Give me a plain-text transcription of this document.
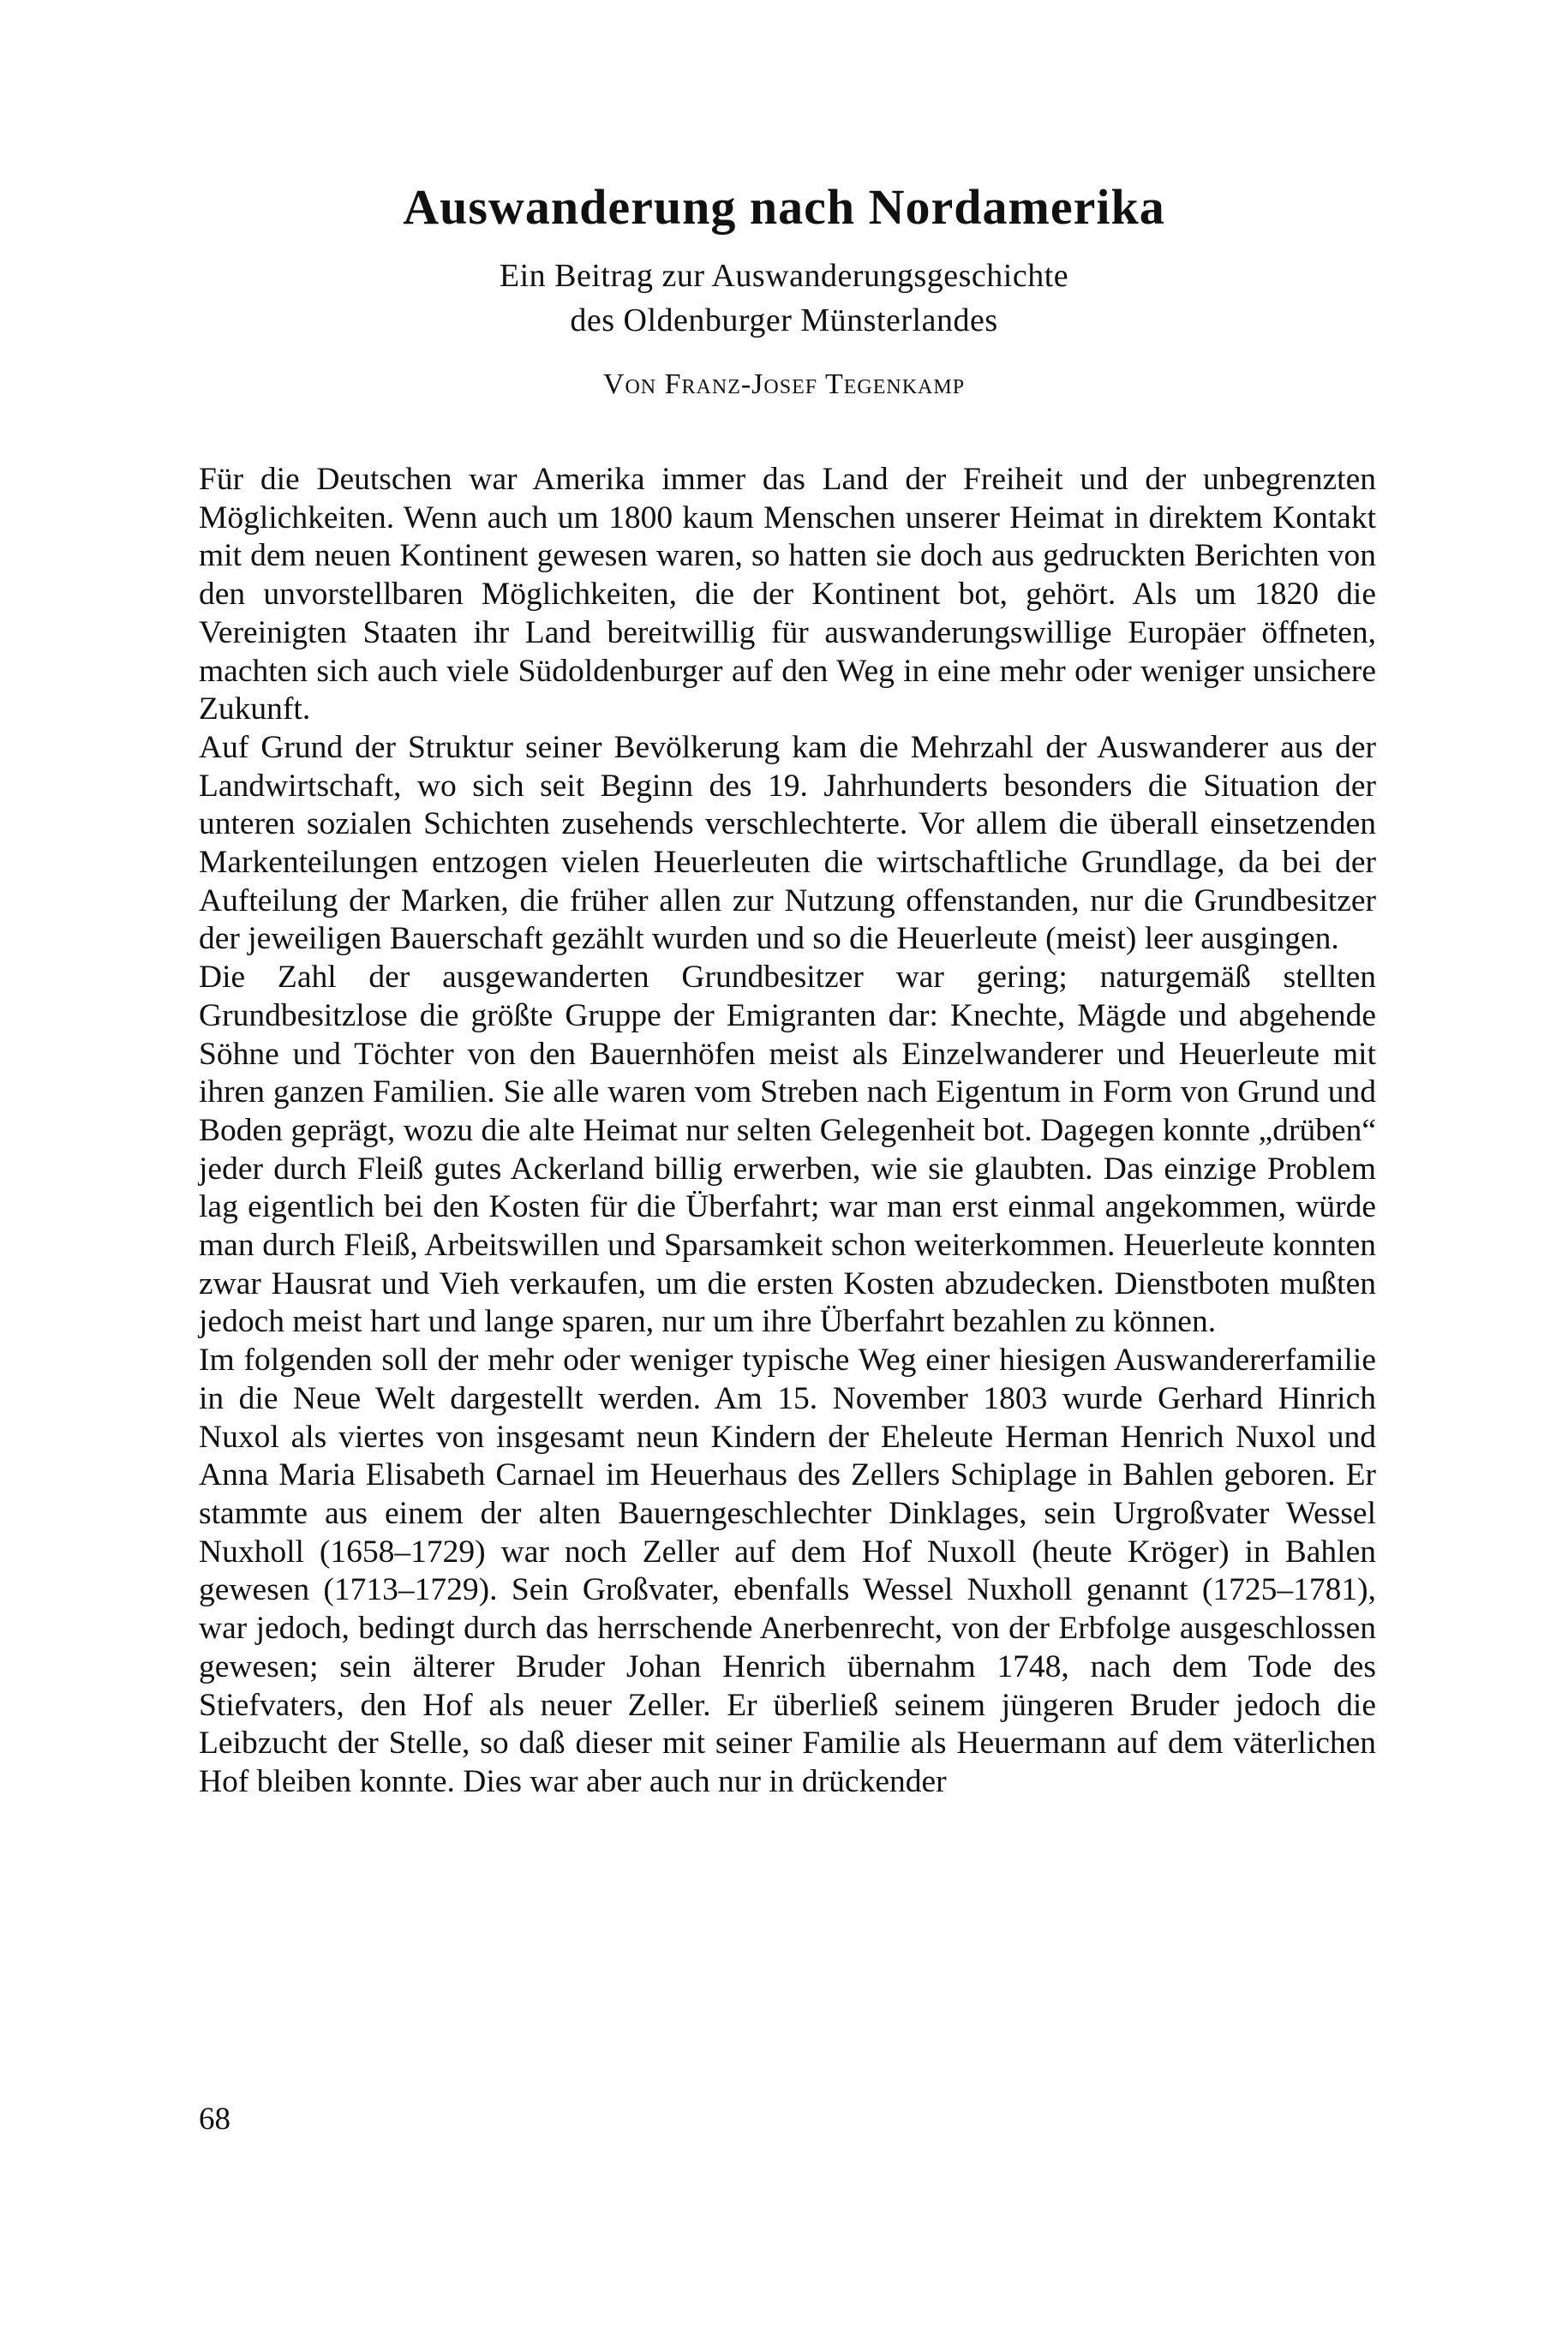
Auswanderung nach Nordamerika
Ein Beitrag zur Auswanderungsgeschichte
des Oldenburger Münsterlandes
Von Franz-Josef Tegenkamp

Für die Deutschen war Amerika immer das Land der Freiheit und der unbegrenzten Möglichkeiten. Wenn auch um 1800 kaum Menschen unserer Heimat in direktem Kontakt mit dem neuen Kontinent gewesen waren, so hatten sie doch aus gedruckten Berichten von den unvorstellbaren Möglichkeiten, die der Kontinent bot, gehört. Als um 1820 die Vereinigten Staaten ihr Land bereitwillig für auswanderungswillige Europäer öffneten, machten sich auch viele Südoldenburger auf den Weg in eine mehr oder weniger unsichere Zukunft.

Auf Grund der Struktur seiner Bevölkerung kam die Mehrzahl der Auswanderer aus der Landwirtschaft, wo sich seit Beginn des 19. Jahrhunderts besonders die Situation der unteren sozialen Schichten zusehends verschlechterte. Vor allem die überall einsetzenden Markenteilungen entzogen vielen Heuerleuten die wirtschaftliche Grundlage, da bei der Aufteilung der Marken, die früher allen zur Nutzung offenstanden, nur die Grundbesitzer der jeweiligen Bauerschaft gezählt wurden und so die Heuerleute (meist) leer ausgingen.

Die Zahl der ausgewanderten Grundbesitzer war gering; naturgemäß stellten Grundbesitzlose die größte Gruppe der Emigranten dar: Knechte, Mägde und abgehende Söhne und Töchter von den Bauernhöfen meist als Einzelwanderer und Heuerleute mit ihren ganzen Familien. Sie alle waren vom Streben nach Eigentum in Form von Grund und Boden geprägt, wozu die alte Heimat nur selten Gelegenheit bot. Dagegen konnte „drüben“ jeder durch Fleiß gutes Ackerland billig erwerben, wie sie glaubten. Das einzige Problem lag eigentlich bei den Kosten für die Überfahrt; war man erst einmal angekommen, würde man durch Fleiß, Arbeitswillen und Sparsamkeit schon weiterkommen. Heuerleute konnten zwar Hausrat und Vieh verkaufen, um die ersten Kosten abzudecken. Dienstboten mußten jedoch meist hart und lange sparen, nur um ihre Überfahrt bezahlen zu können.

Im folgenden soll der mehr oder weniger typische Weg einer hiesigen Auswandererfamilie in die Neue Welt dargestellt werden. Am 15. November 1803 wurde Gerhard Hinrich Nuxol als viertes von insgesamt neun Kindern der Eheleute Herman Henrich Nuxol und Anna Maria Elisabeth Carnael im Heuerhaus des Zellers Schiplage in Bahlen geboren. Er stammte aus einem der alten Bauerngeschlechter Dinklages, sein Urgroßvater Wessel Nuxholl (1658–1729) war noch Zeller auf dem Hof Nuxoll (heute Kröger) in Bahlen gewesen (1713–1729). Sein Großvater, ebenfalls Wessel Nuxholl genannt (1725–1781), war jedoch, bedingt durch das herrschende Anerbenrecht, von der Erbfolge ausgeschlossen gewesen; sein älterer Bruder Johan Henrich übernahm 1748, nach dem Tode des Stiefvaters, den Hof als neuer Zeller. Er überließ seinem jüngeren Bruder jedoch die Leibzucht der Stelle, so daß dieser mit seiner Familie als Heuermann auf dem väterlichen Hof bleiben konnte. Dies war aber auch nur in drückender

68
